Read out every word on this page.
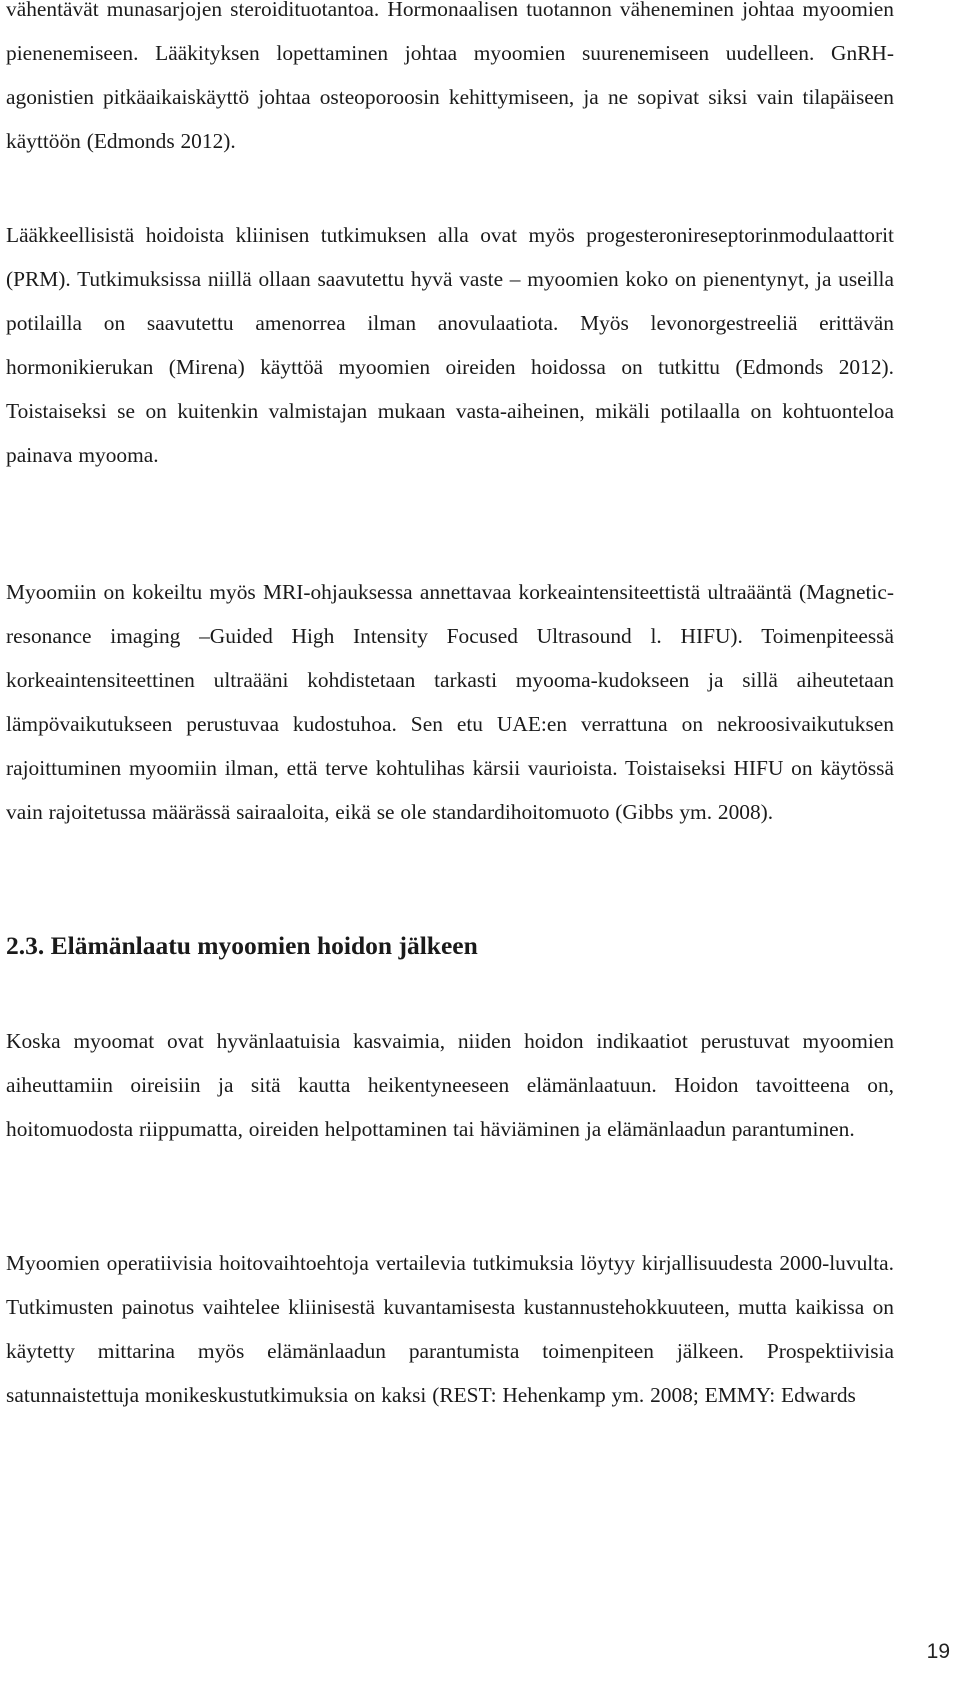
vähentävät munasarjojen steroidituotantoa. Hormonaalisen tuotannon väheneminen johtaa myoomien pienenemiseen. Lääkityksen lopettaminen johtaa myoomien suurenemiseen uudelleen. GnRH-agonistien pitkäaikaiskäyttö johtaa osteoporoosin kehittymiseen, ja ne sopivat siksi vain tilapäiseen käyttöön (Edmonds 2012).

Lääkkeellisistä hoidoista kliinisen tutkimuksen alla ovat myös progesteronireseptorinmodulaattorit (PRM). Tutkimuksissa niillä ollaan saavutettu hyvä vaste – myoomien koko on pienentynyt, ja useilla potilailla on saavutettu amenorrea ilman anovulaatiota. Myös levonorgestreeliä erittävän hormonikierukan (Mirena) käyttöä myoomien oireiden hoidossa on tutkittu (Edmonds 2012). Toistaiseksi se on kuitenkin valmistajan mukaan vasta-aiheinen, mikäli potilaalla on kohtuonteloa painava myooma.

Myoomiin on kokeiltu myös MRI-ohjauksessa annettavaa korkeaintensiteettistä ultraääntä (Magnetic-resonance imaging –Guided High Intensity Focused Ultrasound l. HIFU). Toimenpiteessä korkeaintensiteettinen ultraääni kohdistetaan tarkasti myooma-kudokseen ja sillä aiheutetaan lämpövaikutukseen perustuvaa kudostuhoa. Sen etu UAE:en verrattuna on nekroosivaikutuksen rajoittuminen myoomiin ilman, että terve kohtulihas kärsii vaurioista. Toistaiseksi HIFU on käytössä vain rajoitetussa määrässä sairaaloita, eikä se ole standardihoitomuoto (Gibbs ym. 2008).

2.3. Elämänlaatu myoomien hoidon jälkeen

Koska myoomat ovat hyvänlaatuisia kasvaimia, niiden hoidon indikaatiot perustuvat myoomien aiheuttamiin oireisiin ja sitä kautta heikentyneeseen elämänlaatuun. Hoidon tavoitteena on, hoitomuodosta riippumatta, oireiden helpottaminen tai häviäminen ja elämänlaadun parantuminen.

Myoomien operatiivisia hoitovaihtoehtoja vertailevia tutkimuksia löytyy kirjallisuudesta 2000-luvulta. Tutkimusten painotus vaihtelee kliinisestä kuvantamisesta kustannustehokkuuteen, mutta kaikissa on käytetty mittarina myös elämänlaadun parantumista toimenpiteen jälkeen. Prospektiivisia satunnaistettuja monikeskustutkimuksia on kaksi (REST: Hehenkamp ym. 2008; EMMY: Edwards

19
